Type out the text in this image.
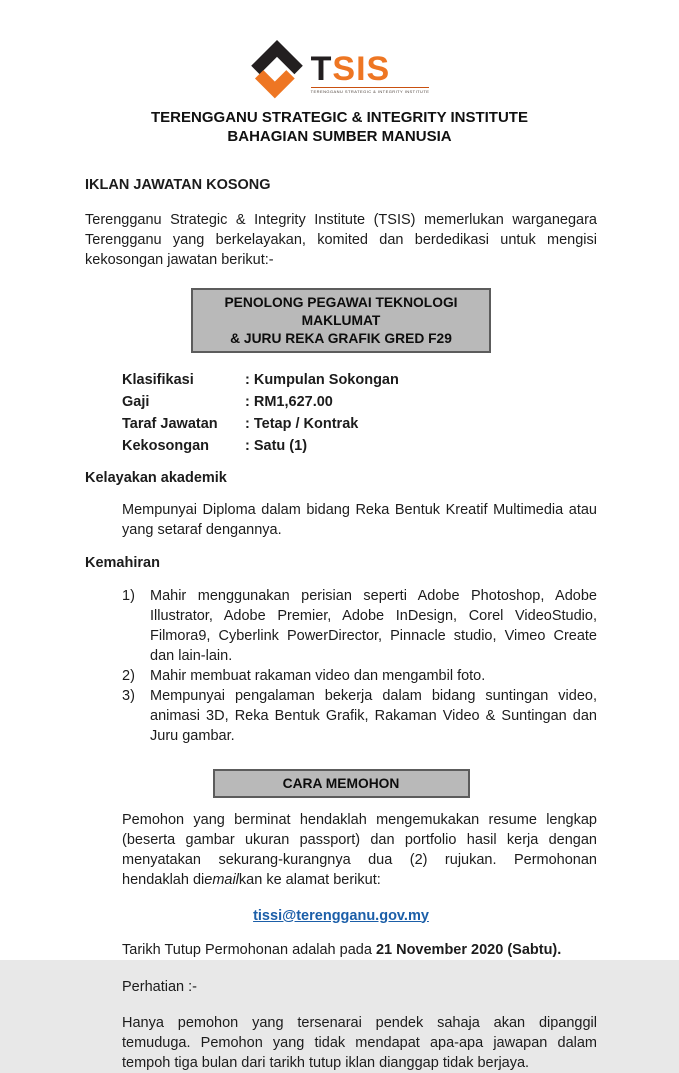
TSIS
TERENGGANU STRATEGIC & INTEGRITY INSTITUTE
TERENGGANU STRATEGIC & INTEGRITY INSTITUTE
BAHAGIAN SUMBER MANUSIA
IKLAN JAWATAN KOSONG

Terengganu Strategic & Integrity Institute (TSIS) memerlukan warganegara Terengganu yang berkelayakan, komited dan berdedikasi untuk mengisi kekosongan jawatan berikut:-

PENOLONG PEGAWAI TEKNOLOGI MAKLUMAT
& JURU REKA GRAFIK GRED F29
Klasifikasi	: Kumpulan Sokongan
Gaji	: RM1,627.00
Taraf Jawatan	: Tetap / Kontrak
Kekosongan	: Satu (1)
Kelayakan akademik

Mempunyai Diploma dalam bidang Reka Bentuk Kreatif Multimedia atau yang setaraf dengannya.

Kemahiran
1)	Mahir menggunakan perisian seperti Adobe Photoshop, Adobe Illustrator, Adobe Premier, Adobe InDesign, Corel VideoStudio, Filmora9, Cyberlink PowerDirector, Pinnacle studio, Vimeo Create dan lain-lain.
2)	Mahir membuat rakaman video dan mengambil foto.
3)	Mempunyai pengalaman bekerja dalam bidang suntingan video, animasi 3D, Reka Bentuk Grafik, Rakaman Video & Suntingan dan Juru gambar.
CARA MEMOHON

Pemohon yang berminat hendaklah mengemukakan resume lengkap (beserta gambar ukuran passport) dan portfolio hasil kerja dengan menyatakan sekurang-kurangnya dua (2) rujukan. Permohonan hendaklah diemailkan ke alamat berikut:

tissi@terengganu.gov.my

Tarikh Tutup Permohonan adalah pada 21 November 2020 (Sabtu).

Perhatian :-

Hanya pemohon yang tersenarai pendek sahaja akan dipanggil temuduga. Pemohon yang tidak mendapat apa-apa jawapan dalam tempoh tiga bulan dari tarikh tutup iklan dianggap tidak berjaya.
